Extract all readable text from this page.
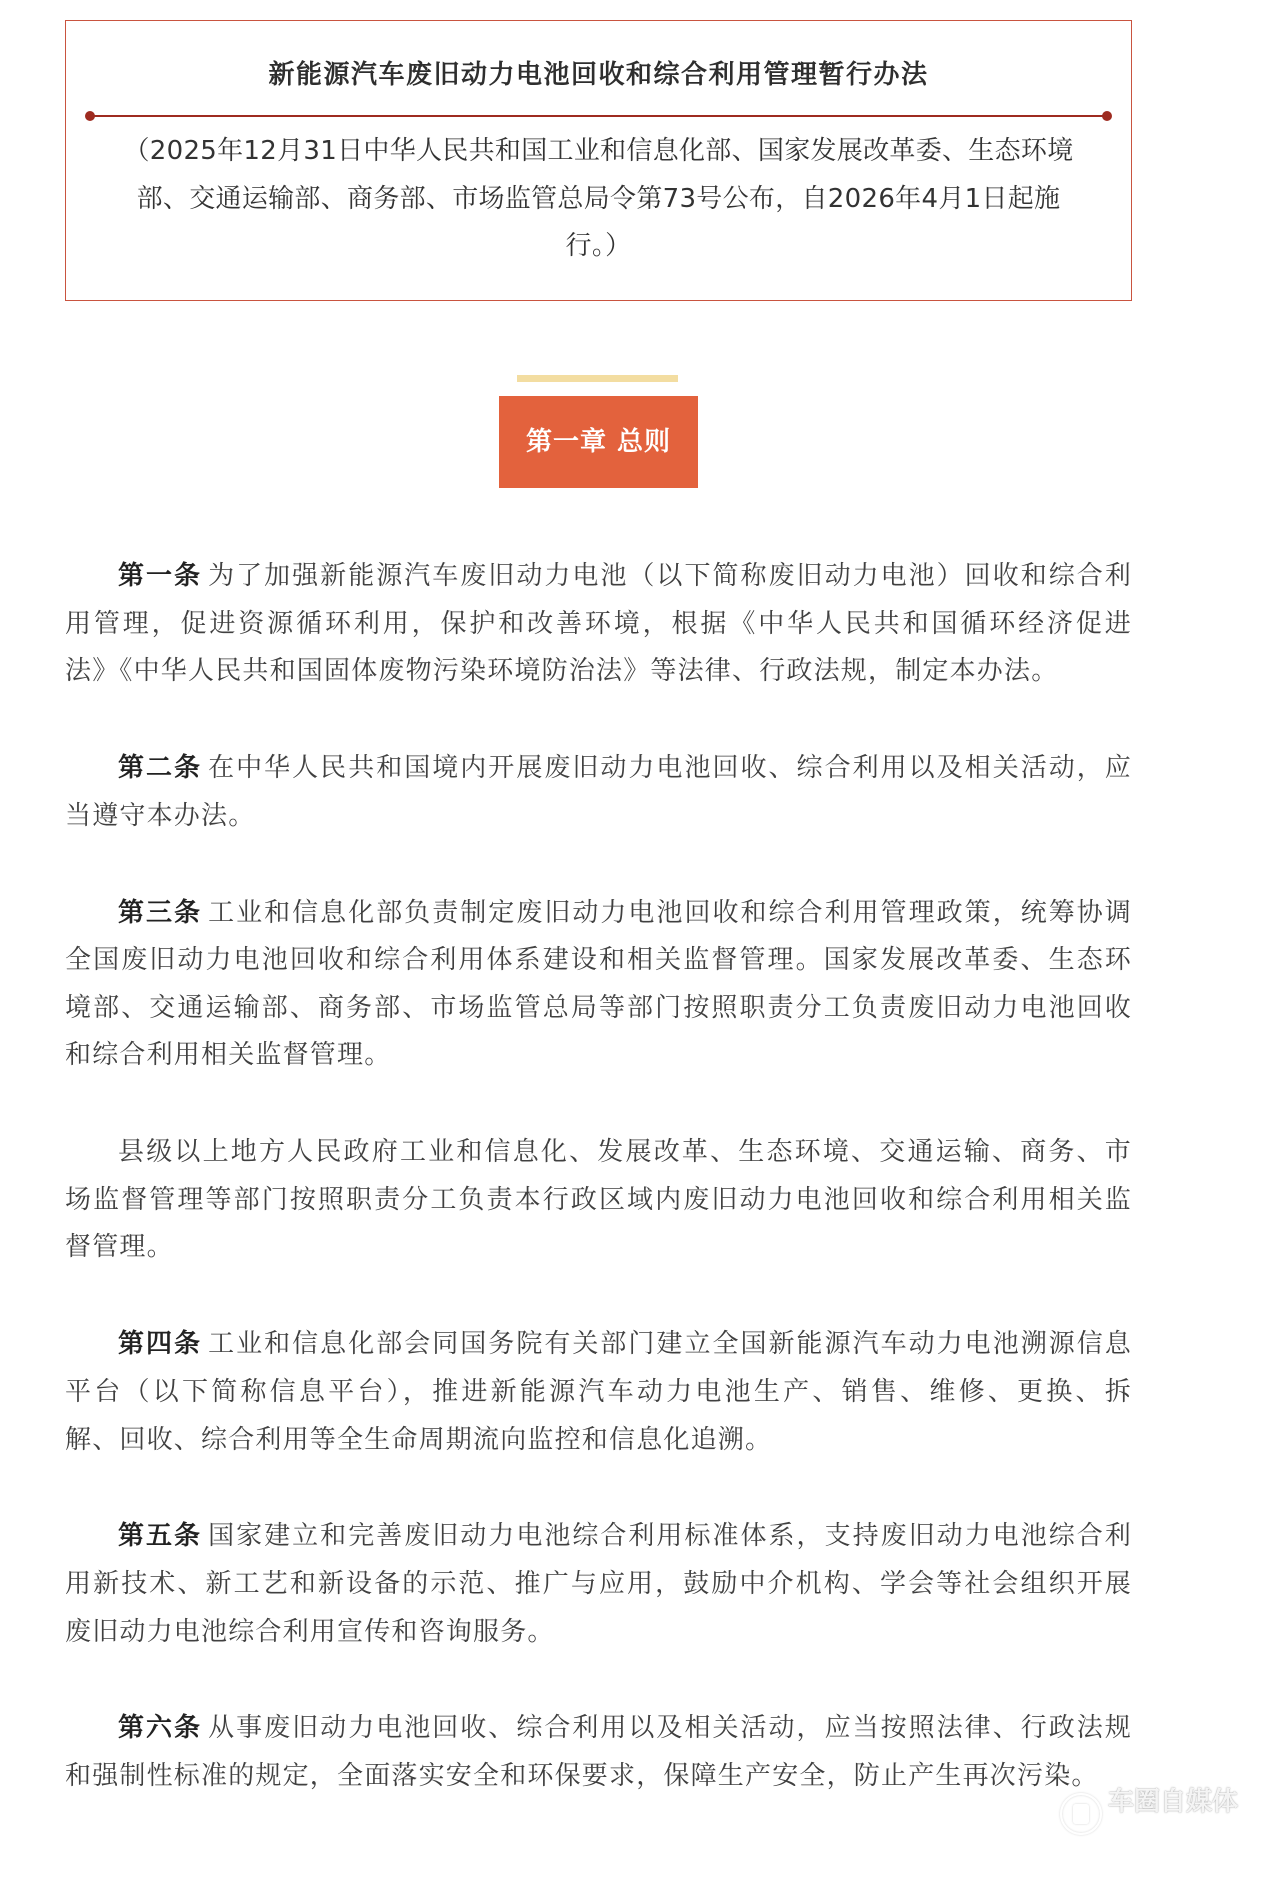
新能源汽车废旧动力电池回收和综合利用管理暂行办法
（2025年12月31日中华人民共和国工业和信息化部、国家发展改革委、生态环境
部、交通运输部、商务部、市场监管总局令第73号公布，自2026年4月1日起施
行。）
第一章 总则
第一条 为了加强新能源汽车废旧动力电池（以下简称废旧动力电池）回收和综合利
用管理，促进资源循环利用，保护和改善环境，根据《中华人民共和国循环经济促进
法》《中华人民共和国固体废物污染环境防治法》等法律、行政法规，制定本办法。
第二条 在中华人民共和国境内开展废旧动力电池回收、综合利用以及相关活动，应
当遵守本办法。
第三条 工业和信息化部负责制定废旧动力电池回收和综合利用管理政策，统筹协调
全国废旧动力电池回收和综合利用体系建设和相关监督管理。国家发展改革委、生态环
境部、交通运输部、商务部、市场监管总局等部门按照职责分工负责废旧动力电池回收
和综合利用相关监督管理。
县级以上地方人民政府工业和信息化、发展改革、生态环境、交通运输、商务、市
场监督管理等部门按照职责分工负责本行政区域内废旧动力电池回收和综合利用相关监
督管理。
第四条 工业和信息化部会同国务院有关部门建立全国新能源汽车动力电池溯源信息
平台（以下简称信息平台），推进新能源汽车动力电池生产、销售、维修、更换、拆
解、回收、综合利用等全生命周期流向监控和信息化追溯。
第五条 国家建立和完善废旧动力电池综合利用标准体系，支持废旧动力电池综合利
用新技术、新工艺和新设备的示范、推广与应用，鼓励中介机构、学会等社会组织开展
废旧动力电池综合利用宣传和咨询服务。
第六条 从事废旧动力电池回收、综合利用以及相关活动，应当按照法律、行政法规
和强制性标准的规定，全面落实安全和环保要求，保障生产安全，防止产生再次污染。
车圈自媒体
